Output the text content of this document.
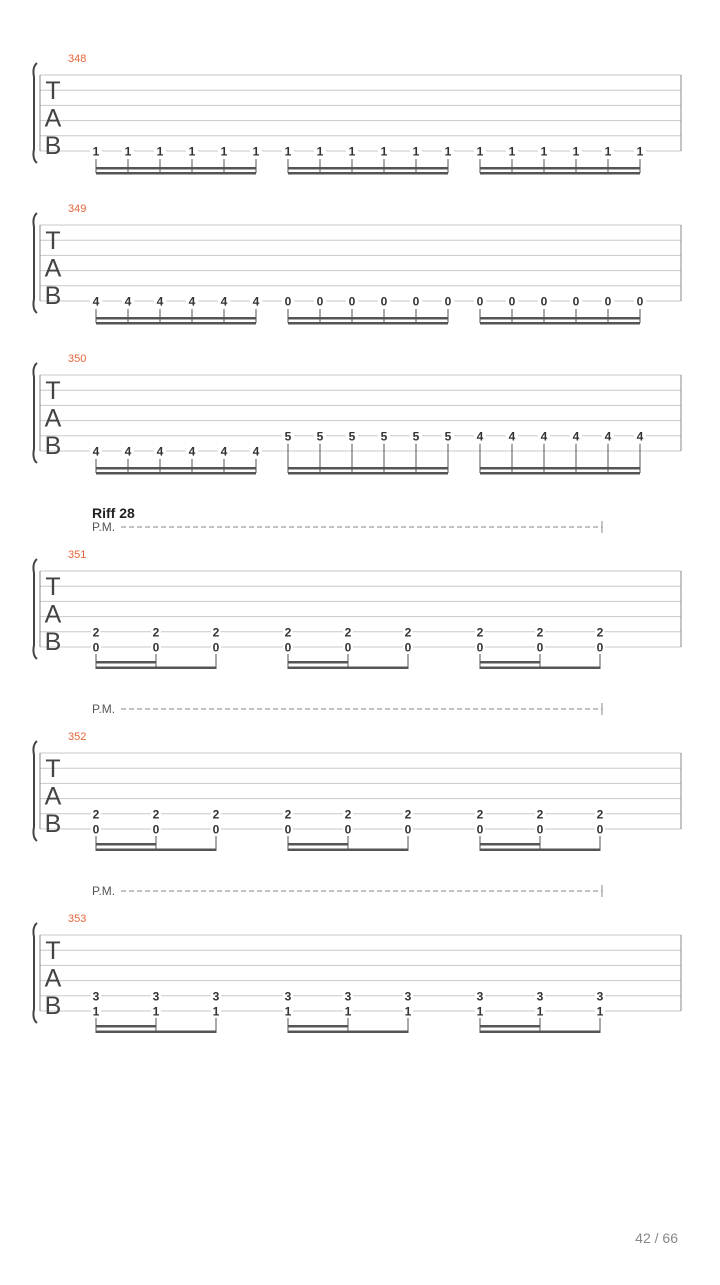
T
A
B
348
1 1 1 1 1 1 1 1 1 1 1 1 1 1 1 1 1 1
T
A
B
349
4 4 4 4 4 4 0 0 0 0 0 0 0 0 0 0 0 0
T
A
B
350
4 4 4 4 4 4
5 5 5 5 5 5 4 4 4 4 4 4
T
A
B
351
Riff 28
P.M.
2
0
2
0
2
0
2
0
2
0
2
0
2
0
2
0
2
0
T
A
B
352
P.M.
2
0
2
0
2
0
2
0
2
0
2
0
2
0
2
0
2
0
T
A
B
353
P.M.
3
1
3
1
3
1
3
1
3
1
3
1
3
1
3
1
3
1
42 / 66
